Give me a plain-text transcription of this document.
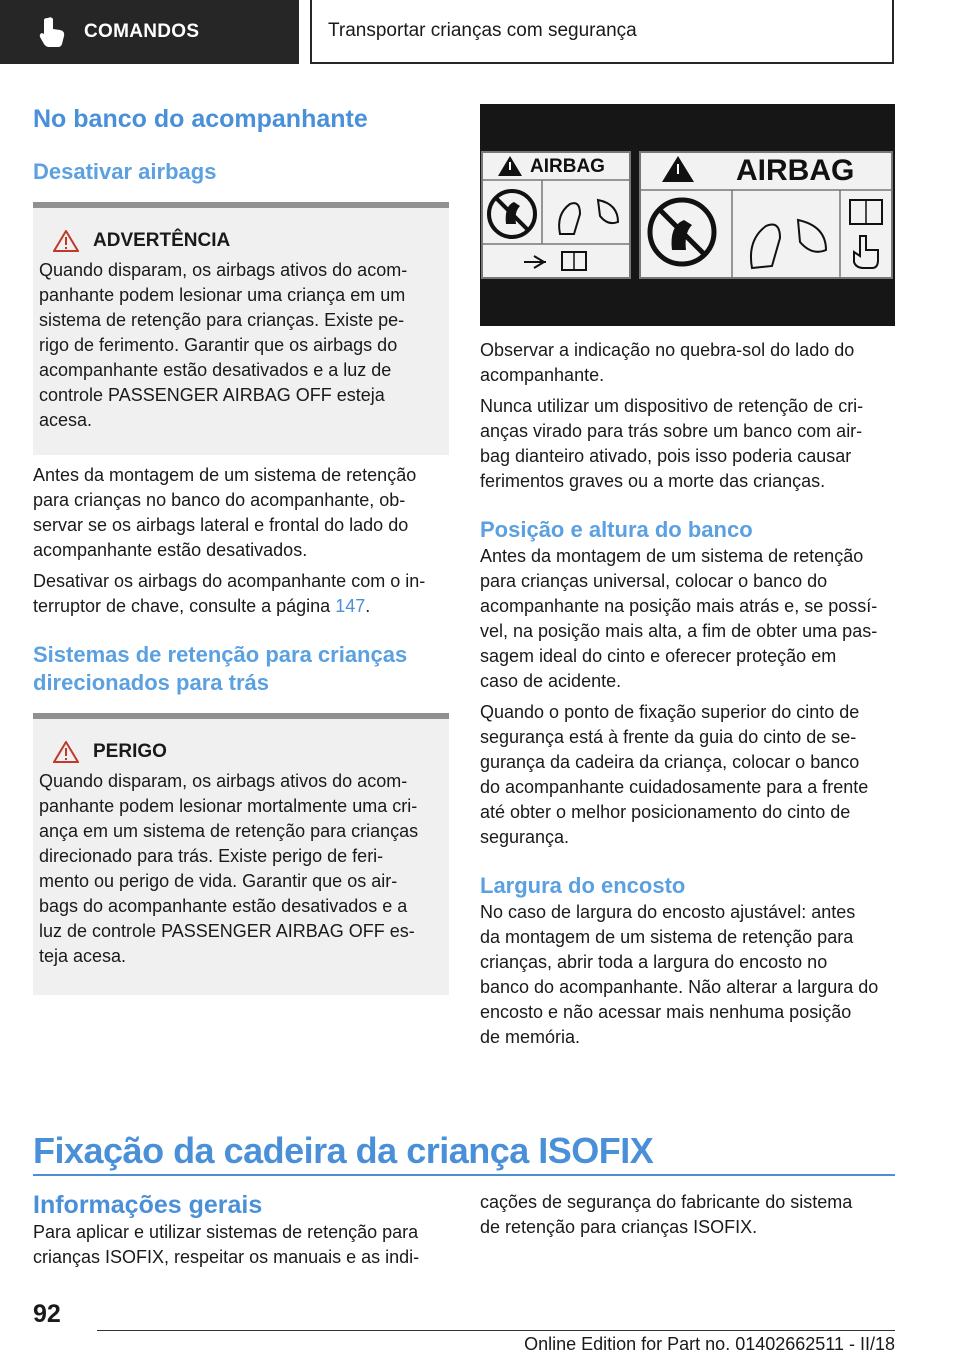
COMANDOS	Transportar crianças com segurança
No banco do acompanhante
Desativar airbags
ADVERTÊNCIA

Quando disparam, os airbags ativos do acom-

panhante podem lesionar uma criança em um

sistema de retenção para crianças. Existe pe-

rigo de ferimento. Garantir que os airbags do

acompanhante estão desativados e a luz de

controle PASSENGER AIRBAG OFF esteja

acesa.

Antes da montagem de um sistema de retenção

para crianças no banco do acompanhante, ob-

servar se os airbags lateral e frontal do lado do

acompanhante estão desativados.

Desativar os airbags do acompanhante com o in-

terruptor de chave, consulte a página 147.

Sistemas de retenção para crianças
direcionados para trás
PERIGO

Quando disparam, os airbags ativos do acom-

panhante podem lesionar mortalmente uma cri-

ança em um sistema de retenção para crianças

direcionado para trás. Existe perigo de feri-

mento ou perigo de vida. Garantir que os air-

bags do acompanhante estão desativados e a

luz de controle PASSENGER AIRBAG OFF es-

teja acesa.

AIRBAG	AIRBAG

Observar a indicação no quebra-sol do lado do

acompanhante.

Nunca utilizar um dispositivo de retenção de cri-

anças virado para trás sobre um banco com air-

bag dianteiro ativado, pois isso poderia causar

ferimentos graves ou a morte das crianças.

Posição e altura do banco

Antes da montagem de um sistema de retenção

para crianças universal, colocar o banco do

acompanhante na posição mais atrás e, se possí-

vel, na posição mais alta, a fim de obter uma pas-

sagem ideal do cinto e oferecer proteção em

caso de acidente.

Quando o ponto de fixação superior do cinto de

segurança está à frente da guia do cinto de se-

gurança da cadeira da criança, colocar o banco

do acompanhante cuidadosamente para a frente

até obter o melhor posicionamento do cinto de

segurança.

Largura do encosto

No caso de largura do encosto ajustável: antes

da montagem de um sistema de retenção para

crianças, abrir toda a largura do encosto no

banco do acompanhante. Não alterar a largura do

encosto e não acessar mais nenhuma posição

de memória.

Fixação da cadeira da criança ISOFIX
Informações gerais

Para aplicar e utilizar sistemas de retenção para

crianças ISOFIX, respeitar os manuais e as indi-

cações de segurança do fabricante do sistema

de retenção para crianças ISOFIX.

92
Online Edition for Part no. 01402662511 - II/18
